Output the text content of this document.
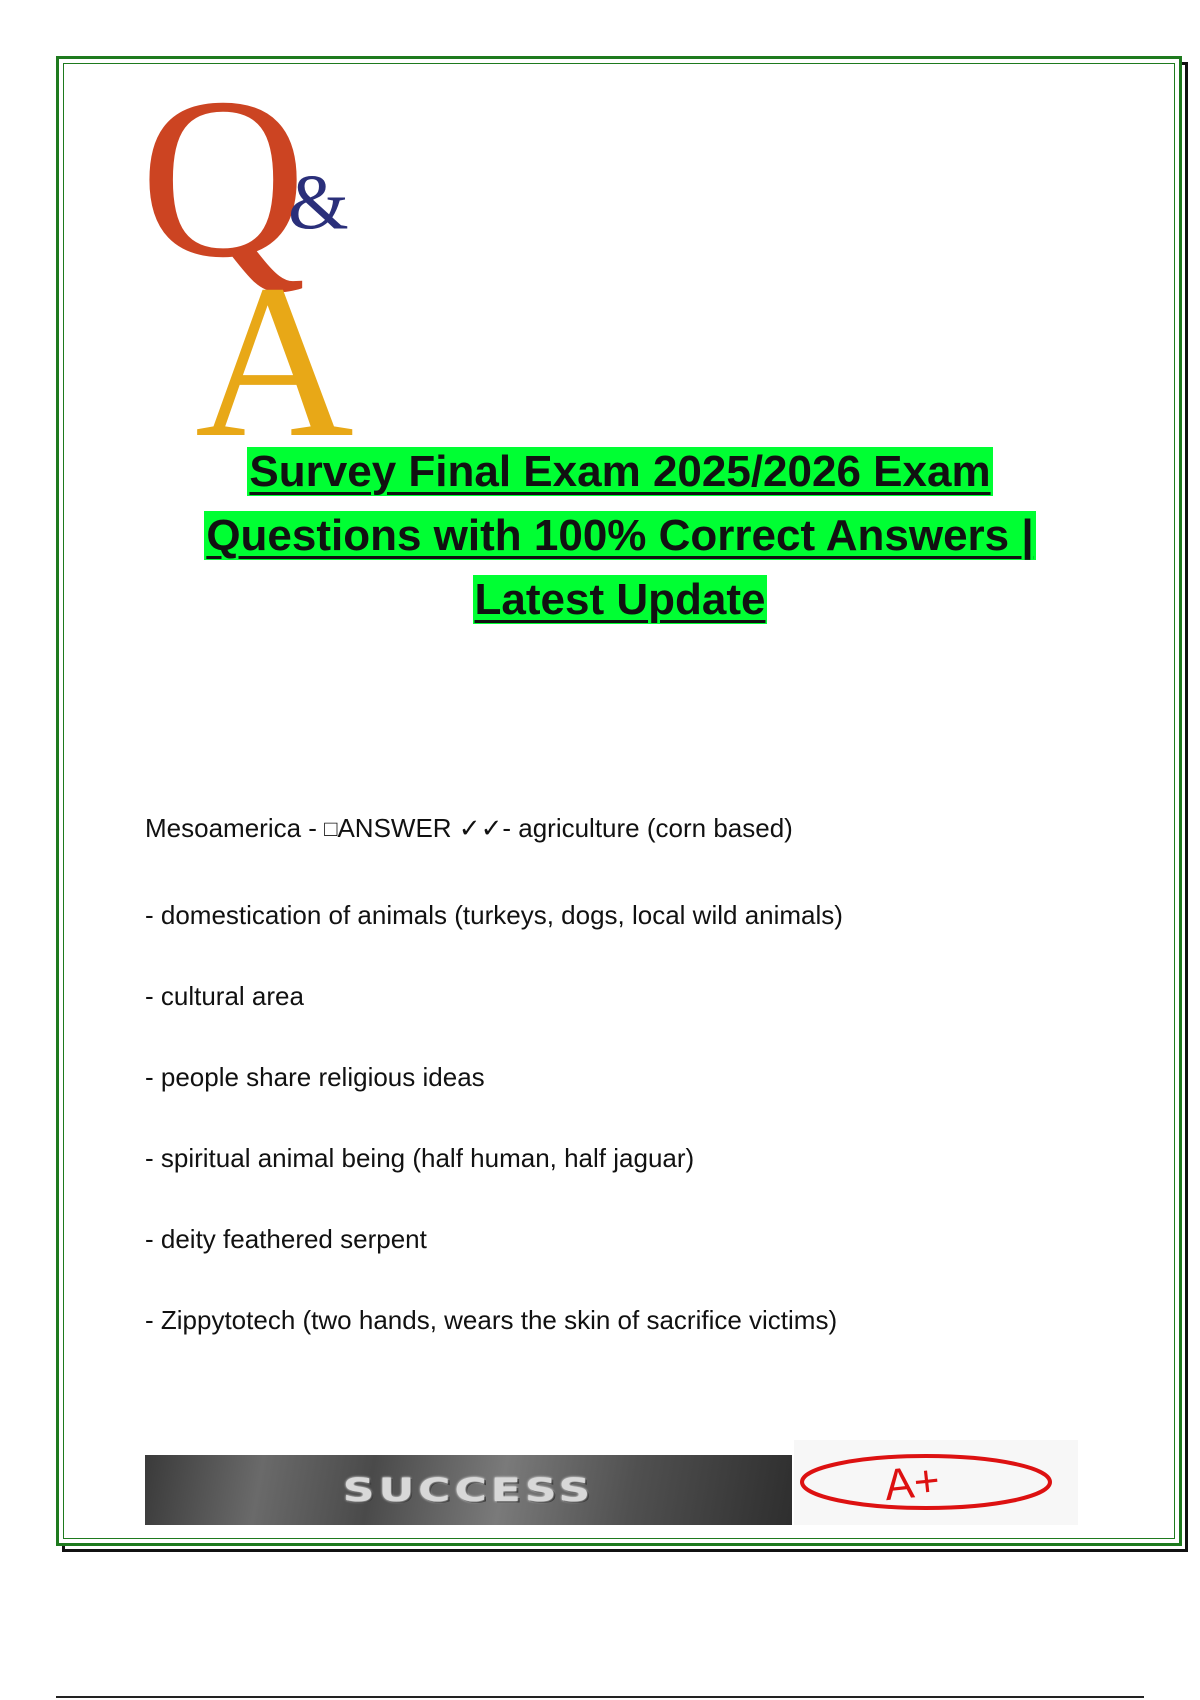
Q
&
A
Survey Final Exam 2025/2026 Exam
Questions with 100% Correct Answers |
Latest Update

Mesoamerica - □ANSWER ✓✓- agriculture (corn based)

- domestication of animals (turkeys, dogs, local wild animals)

- cultural area

- people share religious ideas

- spiritual animal being (half human, half jaguar)

- deity feathered serpent

- Zippytotech (two hands, wears the skin of sacrifice victims)

SUCCESS	A+
